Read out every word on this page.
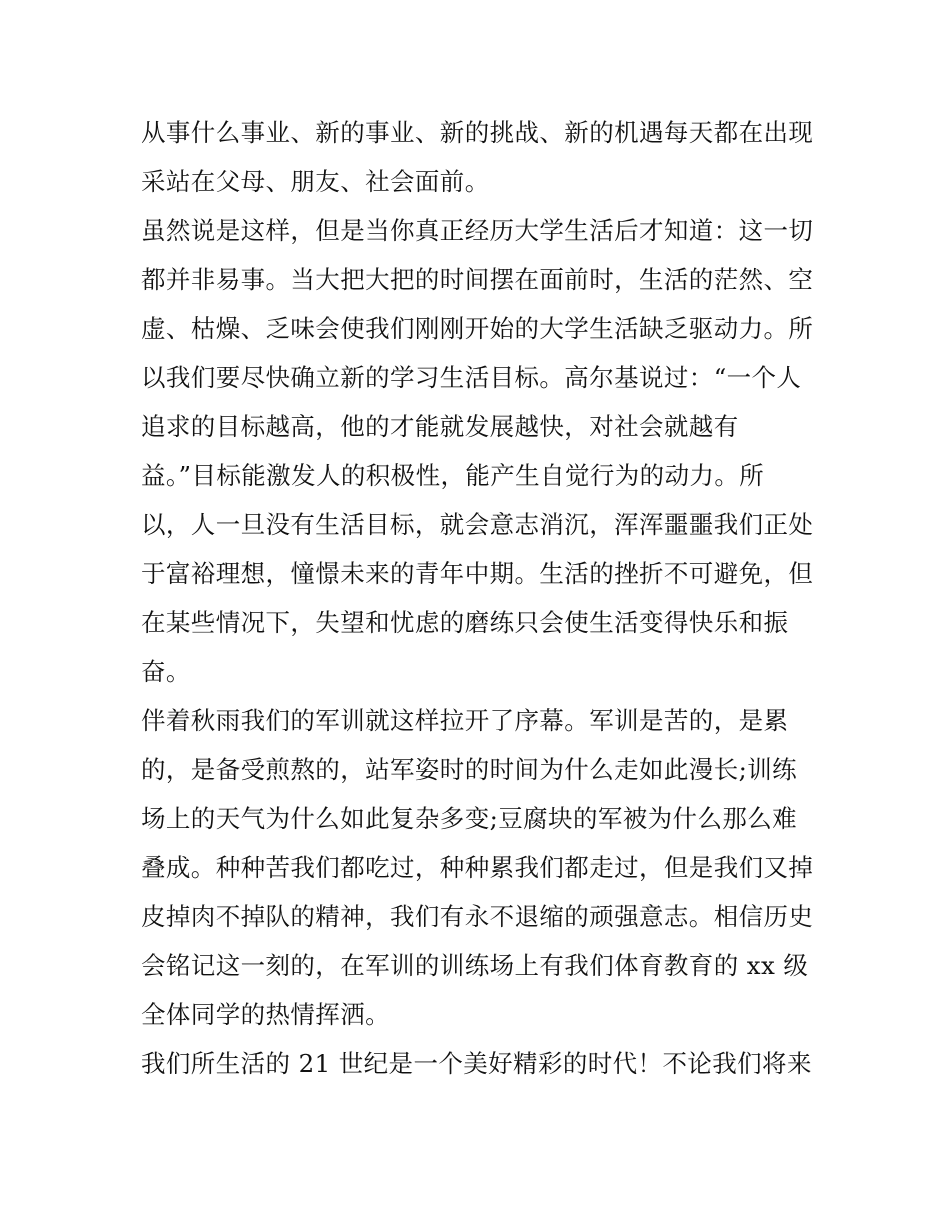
从事什么事业、新的事业、新的挑战、新的机遇每天都在出现
采站在父母、朋友、社会面前。
虽然说是这样，但是当你真正经历大学生活后才知道：这一切
都并非易事。当大把大把的时间摆在面前时，生活的茫然、空
虚、枯燥、乏味会使我们刚刚开始的大学生活缺乏驱动力。所
以我们要尽快确立新的学习生活目标。高尔基说过：“一个人
追求的目标越高，他的才能就发展越快，对社会就越有
益。”目标能激发人的积极性，能产生自觉行为的动力。所
以，人一旦没有生活目标，就会意志消沉，浑浑噩噩我们正处
于富裕理想，憧憬未来的青年中期。生活的挫折不可避免，但
在某些情况下，失望和忧虑的磨练只会使生活变得快乐和振
奋。
伴着秋雨我们的军训就这样拉开了序幕。军训是苦的，是累
的，是备受煎熬的，站军姿时的时间为什么走如此漫长;训练
场上的天气为什么如此复杂多变;豆腐块的军被为什么那么难
叠成。种种苦我们都吃过，种种累我们都走过，但是我们又掉
皮掉肉不掉队的精神，我们有永不退缩的顽强意志。相信历史
会铭记这一刻的，在军训的训练场上有我们体育教育的 xx 级
全体同学的热情挥洒。
我们所生活的 21 世纪是一个美好精彩的时代！不论我们将来
